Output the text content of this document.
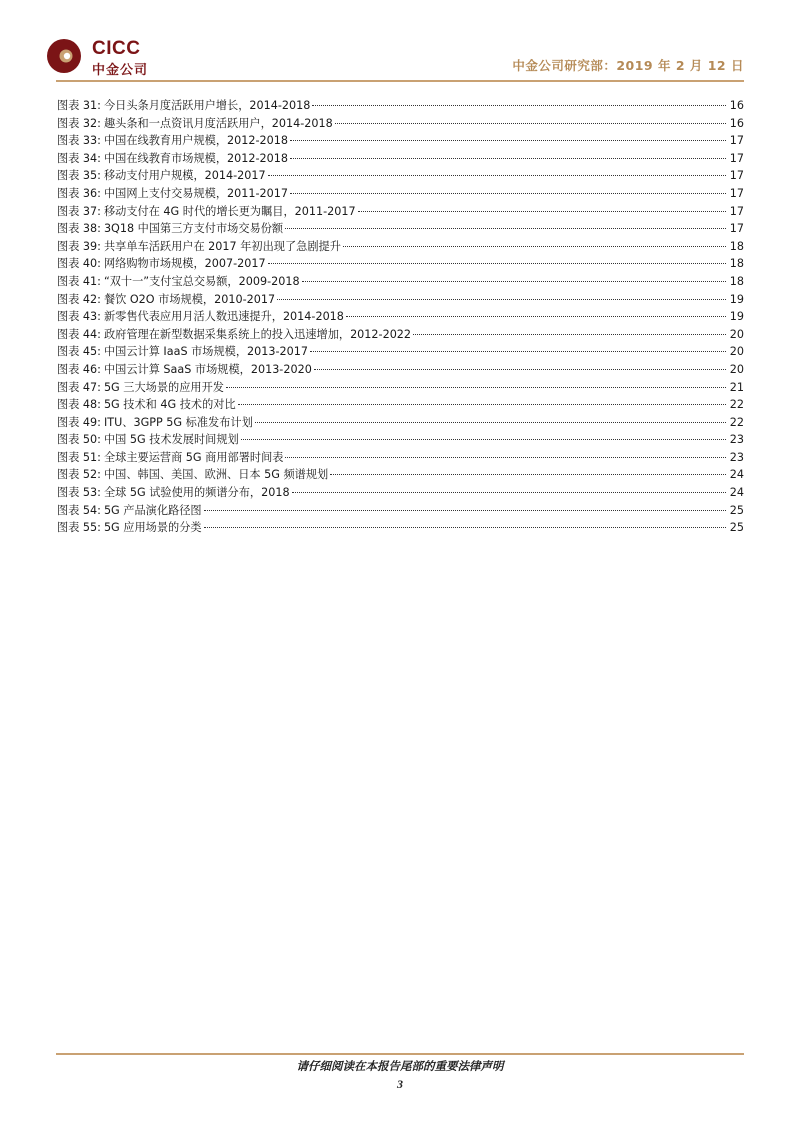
CICC
中金公司	中金公司研究部：2019 年 2 月 12 日
图表 31: 今日头条月度活跃用户增长，2014-2018	16
图表 32: 趣头条和一点资讯月度活跃用户，2014-2018	16
图表 33: 中国在线教育用户规模，2012-2018	17
图表 34: 中国在线教育市场规模，2012-2018	17
图表 35: 移动支付用户规模，2014-2017	17
图表 36: 中国网上支付交易规模，2011-2017	17
图表 37: 移动支付在 4G 时代的增长更为瞩目，2011-2017	17
图表 38: 3Q18 中国第三方支付市场交易份额	17
图表 39: 共享单车活跃用户在 2017 年初出现了急剧提升	18
图表 40: 网络购物市场规模，2007-2017	18
图表 41: “双十一”支付宝总交易额，2009-2018	18
图表 42: 餐饮 O2O 市场规模，2010-2017	19
图表 43: 新零售代表应用月活人数迅速提升，2014-2018	19
图表 44: 政府管理在新型数据采集系统上的投入迅速增加，2012-2022	20
图表 45: 中国云计算 IaaS 市场规模，2013-2017	20
图表 46: 中国云计算 SaaS 市场规模，2013-2020	20
图表 47: 5G 三大场景的应用开发	21
图表 48: 5G 技术和 4G 技术的对比	22
图表 49: ITU、3GPP 5G 标准发布计划	22
图表 50: 中国 5G 技术发展时间规划	23
图表 51: 全球主要运营商 5G 商用部署时间表	23
图表 52: 中国、韩国、美国、欧洲、日本 5G 频谱规划	24
图表 53: 全球 5G 试验使用的频谱分布，2018	24
图表 54: 5G 产品演化路径图	25
图表 55: 5G 应用场景的分类	25
请仔细阅读在本报告尾部的重要法律声明
3
